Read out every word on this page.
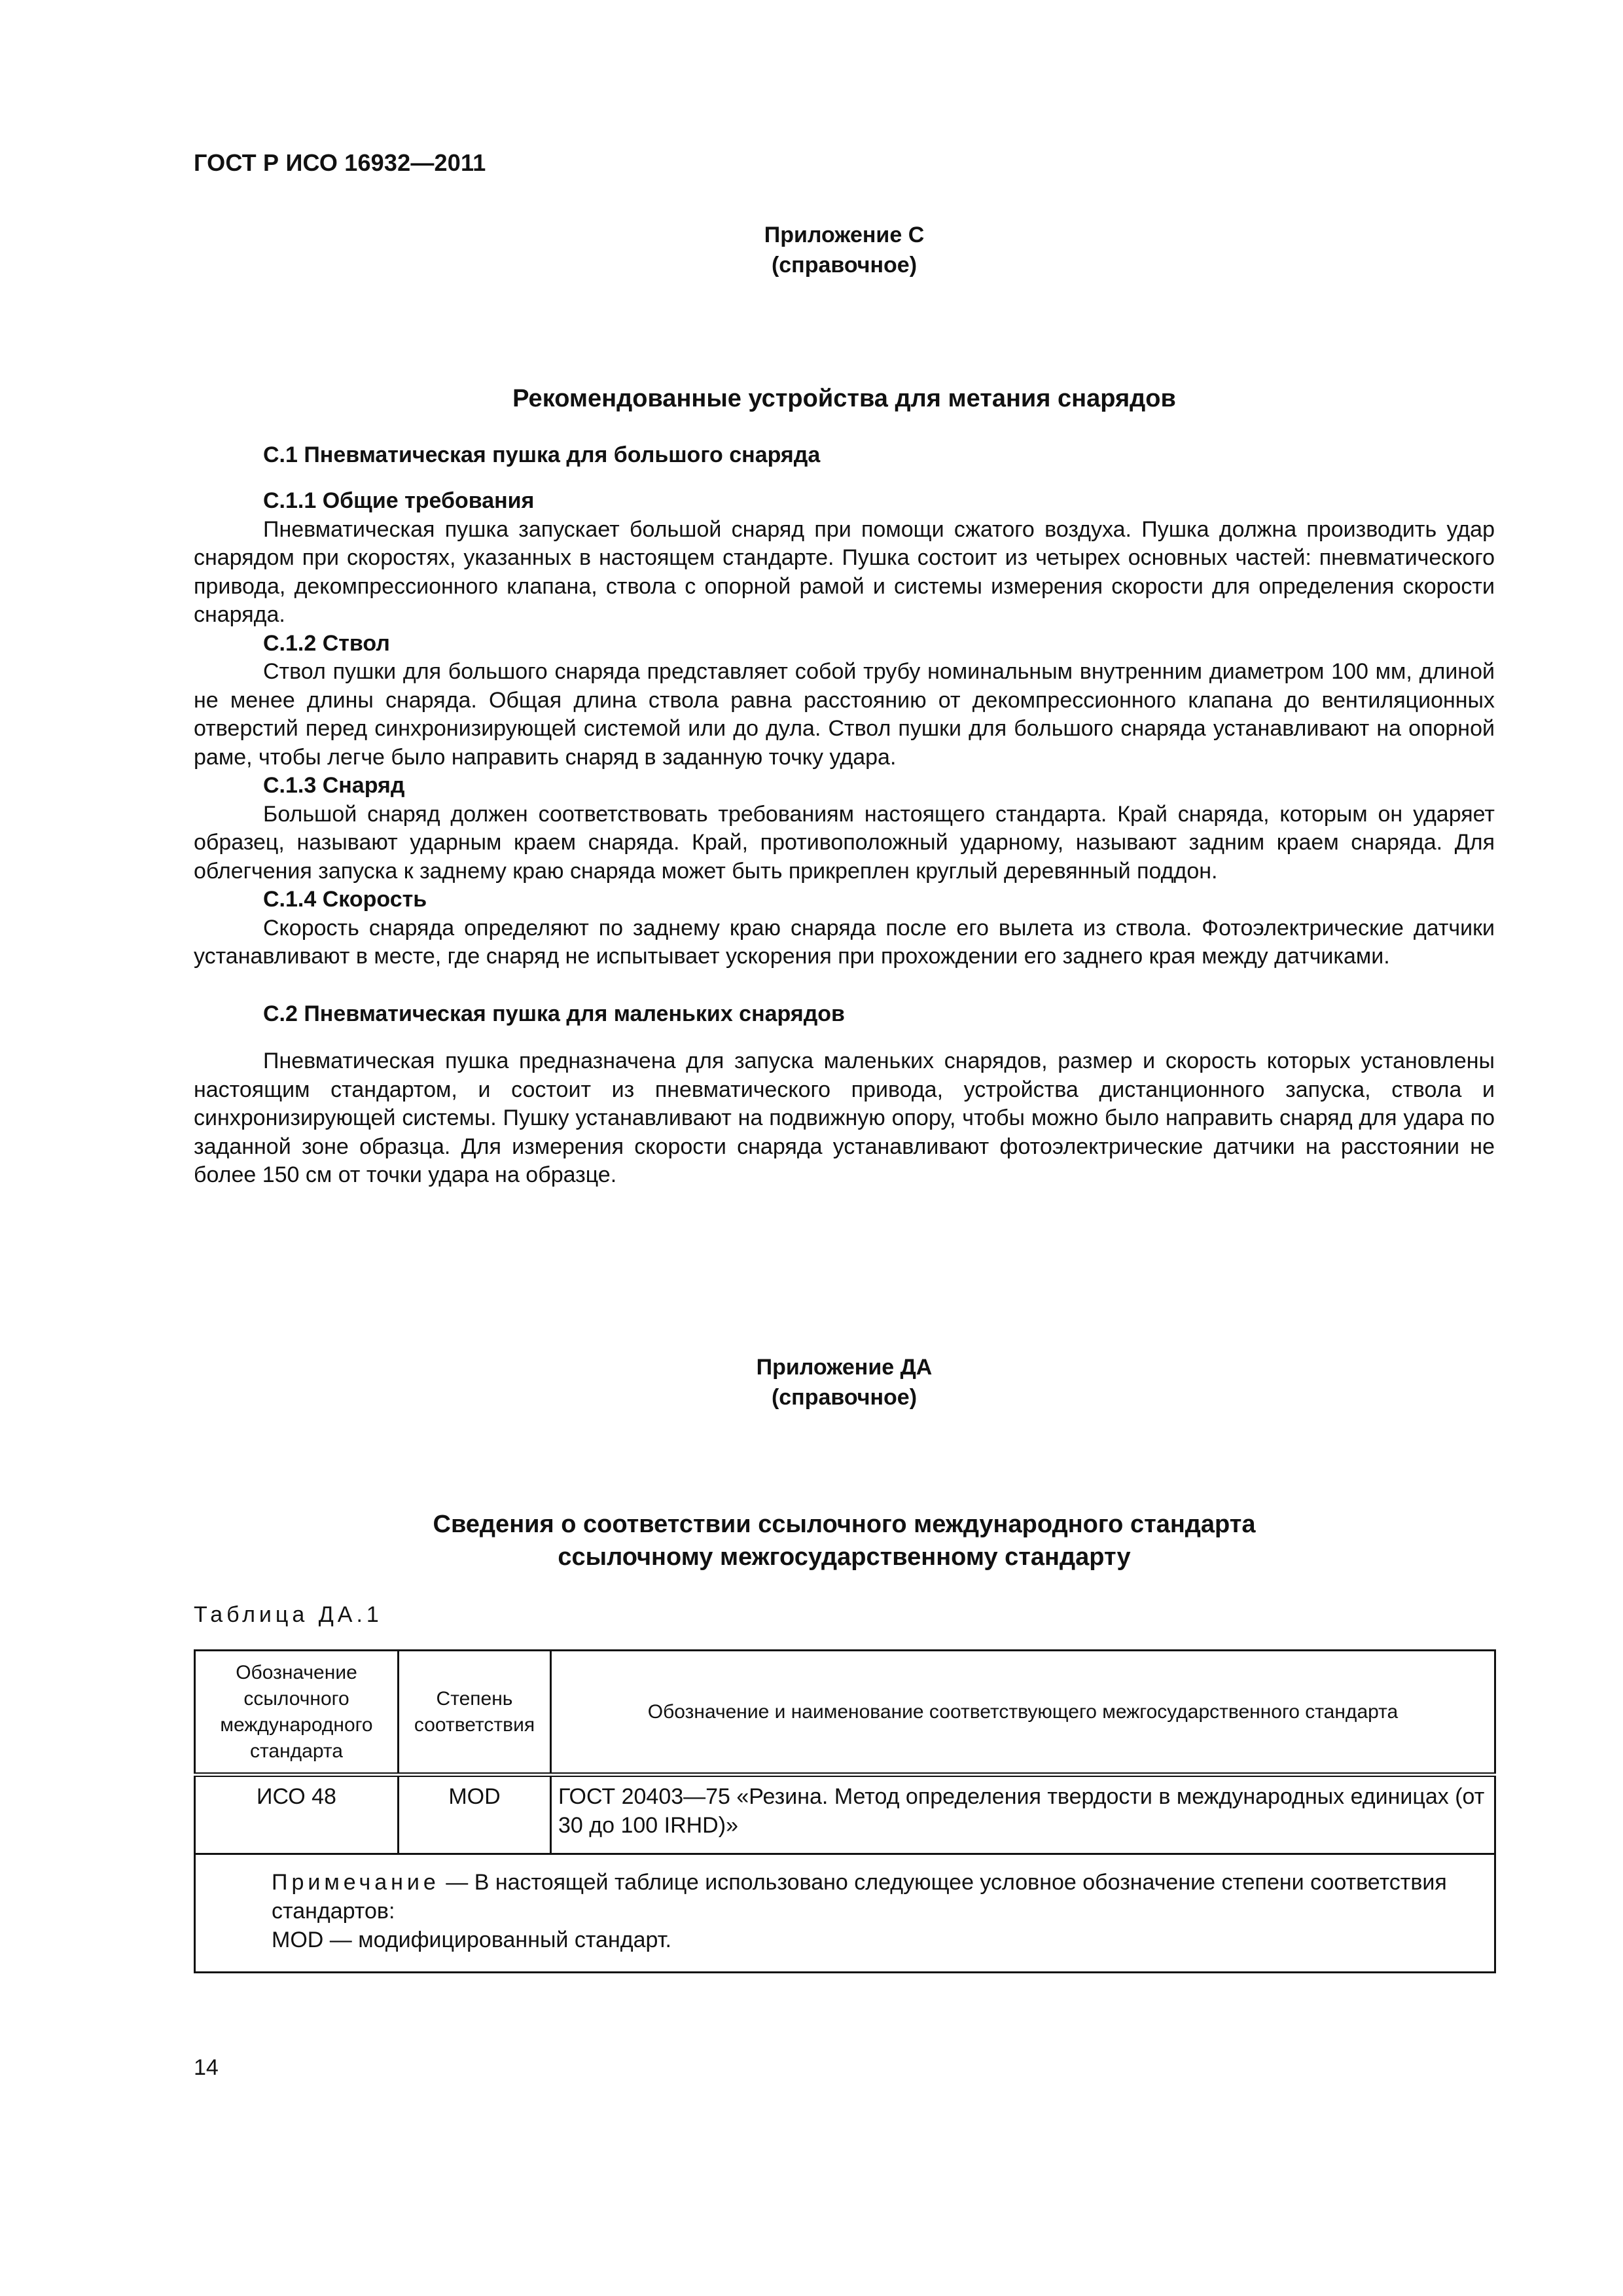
ГОСТ Р ИСО 16932—2011
Приложение С
(справочное)
Рекомендованные устройства для метания снарядов
С.1 Пневматическая пушка для большого снаряда
С.1.1 Общие требования

Пневматическая пушка запускает большой снаряд при помощи сжатого воздуха. Пушка должна производить удар снарядом при скоростях, указанных в настоящем стандарте. Пушка состоит из четырех основных частей: пневматического привода, декомпрессионного клапана, ствола с опорной рамой и системы измерения скорости для определения скорости снаряда.

С.1.2 Ствол

Ствол пушки для большого снаряда представляет собой трубу номинальным внутренним диаметром 100 мм, длиной не менее длины снаряда. Общая длина ствола равна расстоянию от декомпрессионного клапана до вентиляционных отверстий перед синхронизирующей системой или до дула. Ствол пушки для большого снаряда устанавливают на опорной раме, чтобы легче было направить снаряд в заданную точку удара.

С.1.3 Снаряд

Большой снаряд должен соответствовать требованиям настоящего стандарта. Край снаряда, которым он ударяет образец, называют ударным краем снаряда. Край, противоположный ударному, называют задним краем снаряда. Для облегчения запуска к заднему краю снаряда может быть прикреплен круглый деревянный поддон.

С.1.4 Скорость

Скорость снаряда определяют по заднему краю снаряда после его вылета из ствола. Фотоэлектрические датчики устанавливают в месте, где снаряд не испытывает ускорения при прохождении его заднего края между датчиками.

С.2 Пневматическая пушка для маленьких снарядов

Пневматическая пушка предназначена для запуска маленьких снарядов, размер и скорость которых установлены настоящим стандартом, и состоит из пневматического привода, устройства дистанционного запуска, ствола и синхронизирующей системы. Пушку устанавливают на подвижную опору, чтобы можно было направить снаряд для удара по заданной зоне образца. Для измерения скорости снаряда устанавливают фотоэлектрические датчики на расстоянии не более 150 см от точки удара на образце.

Приложение ДА
(справочное)
Сведения о соответствии ссылочного международного стандарта
ссылочному межгосударственному стандарту
Таблица ДА.1
Обозначение ссылочного международного стандарта	Степень соответствия	Обозначение и наименование соответствующего межгосударственного стандарта
ИСО 48	MOD	ГОСТ 20403—75 «Резина. Метод определения твердости в международных единицах (от 30 до 100 IRHD)»

Примечание — В настоящей таблице использовано следующее условное обозначение степени соответствия стандартов:
MOD — модифицированный стандарт.		
14
